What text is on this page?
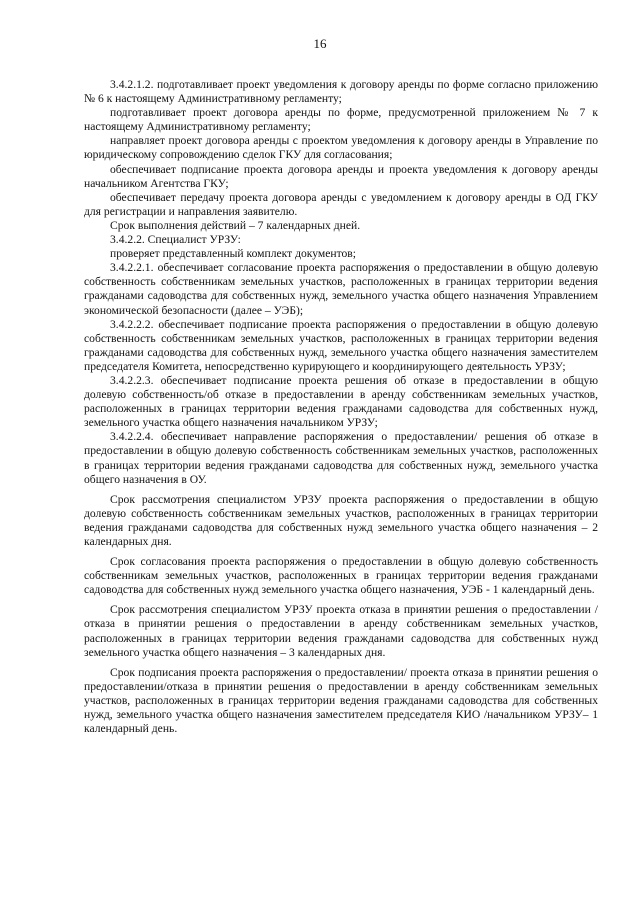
16

3.4.2.1.2. подготавливает проект уведомления к договору аренды по форме согласно приложению № 6 к настоящему Административному регламенту;

подготавливает проект договора аренды по форме, предусмотренной приложением № 7 к настоящему Административному регламенту;

направляет проект договора аренды с проектом уведомления к договору аренды в Управление по юридическому сопровождению сделок ГКУ для согласования;

обеспечивает подписание проекта договора аренды и проекта уведомления к договору аренды начальником Агентства ГКУ;

обеспечивает передачу проекта договора аренды с уведомлением к договору аренды в ОД ГКУ для регистрации и направления заявителю.

Срок выполнения действий – 7 календарных дней.

3.4.2.2. Специалист УРЗУ:

проверяет представленный комплект документов;

3.4.2.2.1. обеспечивает согласование проекта распоряжения о предоставлении в общую долевую собственность собственникам земельных участков, расположенных в границах территории ведения гражданами садоводства для собственных нужд, земельного участка общего назначения Управлением экономической безопасности (далее – УЭБ);

3.4.2.2.2. обеспечивает подписание проекта распоряжения о предоставлении в общую долевую собственность собственникам земельных участков, расположенных в границах территории ведения гражданами садоводства для собственных нужд, земельного участка общего назначения заместителем председателя Комитета, непосредственно курирующего и координирующего деятельность УРЗУ;

3.4.2.2.3. обеспечивает подписание проекта решения об отказе в предоставлении в общую долевую собственность/об отказе в предоставлении в аренду собственникам земельных участков, расположенных в границах территории ведения гражданами садоводства для собственных нужд, земельного участка общего назначения начальником УРЗУ;

3.4.2.2.4. обеспечивает направление распоряжения о предоставлении/ решения об отказе в предоставлении в общую долевую собственность собственникам земельных участков, расположенных в границах территории ведения гражданами садоводства для собственных нужд, земельного участка общего назначения в ОУ.

Срок рассмотрения специалистом УРЗУ проекта распоряжения о предоставлении в общую долевую собственность собственникам земельных участков, расположенных в границах территории ведения гражданами садоводства для собственных нужд земельного участка общего назначения – 2 календарных дня.

Срок согласования проекта распоряжения о предоставлении в общую долевую собственность собственникам земельных участков, расположенных в границах территории ведения гражданами садоводства для собственных нужд земельного участка общего назначения, УЭБ - 1 календарный день.

Срок рассмотрения специалистом УРЗУ проекта отказа в принятии решения о предоставлении /отказа в принятии решения о предоставлении в аренду собственникам земельных участков, расположенных в границах территории ведения гражданами садоводства для собственных нужд земельного участка общего назначения – 3 календарных дня.

Срок подписания проекта распоряжения о предоставлении/ проекта отказа в принятии решения о предоставлении/отказа в принятии решения о предоставлении в аренду собственникам земельных участков, расположенных в границах территории ведения гражданами садоводства для собственных нужд, земельного участка общего назначения заместителем председателя КИО /начальником УРЗУ– 1 календарный день.
